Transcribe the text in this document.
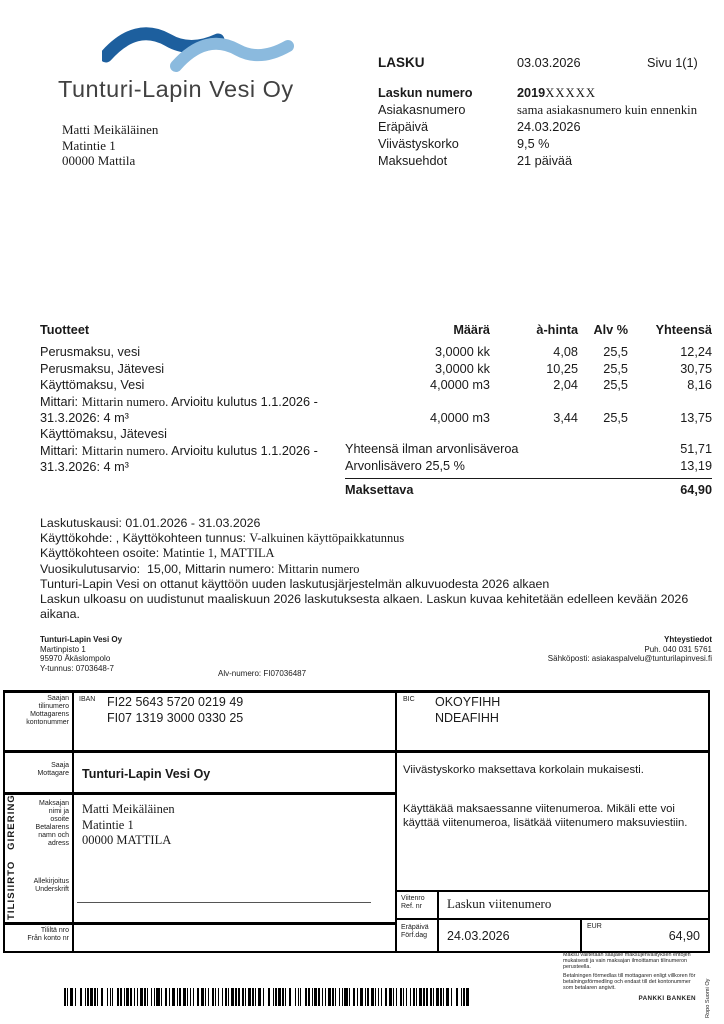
Tunturi-Lapin Vesi Oy
Matti Meikäläinen
Matintie 1
00000 Mattila
LASKU	03.03.2026	Sivu 1(1)
Laskun numero	2019XXXXX
Asiakasnumero	sama asiakasnumero kuin ennenkin
Eräpäivä	24.03.2026
Viivästyskorko	9,5 %
Maksuehdot	21 päivää
Tuotteet	Määrä	à-hinta	Alv %	Yhteensä
Perusmaksu, vesi	3,0000 kk	4,08	25,5	12,24
Perusmaksu, Jätevesi	3,0000 kk	10,25	25,5	30,75
Käyttömaksu, Vesi	4,0000 m3	2,04	25,5	8,16
Mittari: Mittarin numero. Arvioitu kulutus 1.1.2026 -
31.3.2026: 4 m³	4,0000 m3	3,44	25,5	13,75
Käyttömaksu, Jätevesi
Mittari: Mittarin numero. Arvioitu kulutus 1.1.2026 -
31.3.2026: 4 m³
Yhteensä ilman arvonlisäveroa	51,71
Arvonlisävero 25,5 %	13,19
Maksettava	64,90
Laskutuskausi: 01.01.2026 - 31.03.2026
Käyttökohde: , Käyttökohteen tunnus: V-alkuinen käyttöpaikkatunnus
Käyttökohteen osoite: Matintie 1, MATTILA
Vuosikulutusarvio:  15,00, Mittarin numero: Mittarin numero
Tunturi-Lapin Vesi on ottanut käyttöön uuden laskutusjärjestelmän alkuvuodesta 2026 alkaen
Laskun ulkoasu on uudistunut maaliskuun 2026 laskutuksesta alkaen. Laskun kuvaa kehitetään edelleen kevään 2026 aikana.
Tunturi-Lapin Vesi Oy
Martinpisto 1
95970 Äkäslompolo
Y-tunnus: 0703648-7
Alv-numero: FI07036487
Yhteystiedot
Puh. 040 031 5761
Sähköposti: asiakaspalvelu@tunturilapinvesi.fi
TILISIIRTO GIRERING
Saajan
tilinumero
Mottagarens
kontonummer
IBAN FI22 5643 5720 0219 49
FI07 1319 3000 0330 25
BIC OKOYFIHH
NDEAFIHH
Saaja
Mottagare Tunturi-Lapin Vesi Oy	Viivästyskorko maksettava korkolain mukaisesti.
Maksajan
nimi ja
osoite
Betalarens
namn och
adress
Matti Meikäläinen
Matintie 1
00000 MATTILA
Käyttäkää maksaessanne viitenumeroa. Mikäli ette voi käyttää viitenumeroa, lisätkää viitenumero maksuviestiin.
Allekirjoitus
Underskrift
Viitenro
Ref. nr Laskun viitenumero
Tililtä nro
Från konto nr
Eräpäivä
Förf.dag 24.03.2026
EUR
64,90
Maksu välitetään saajalle maksujenvälityksen ehtojen mukaisesti ja vain maksajan ilmoittaman tilinumeron perusteella.
Betalningen förmedlas till mottagaren enligt villkoren för betalningsförmedling och endast till det kontonummer som betalaren angivit.
PANKKI BANKEN	Ropo Suomi Oy
